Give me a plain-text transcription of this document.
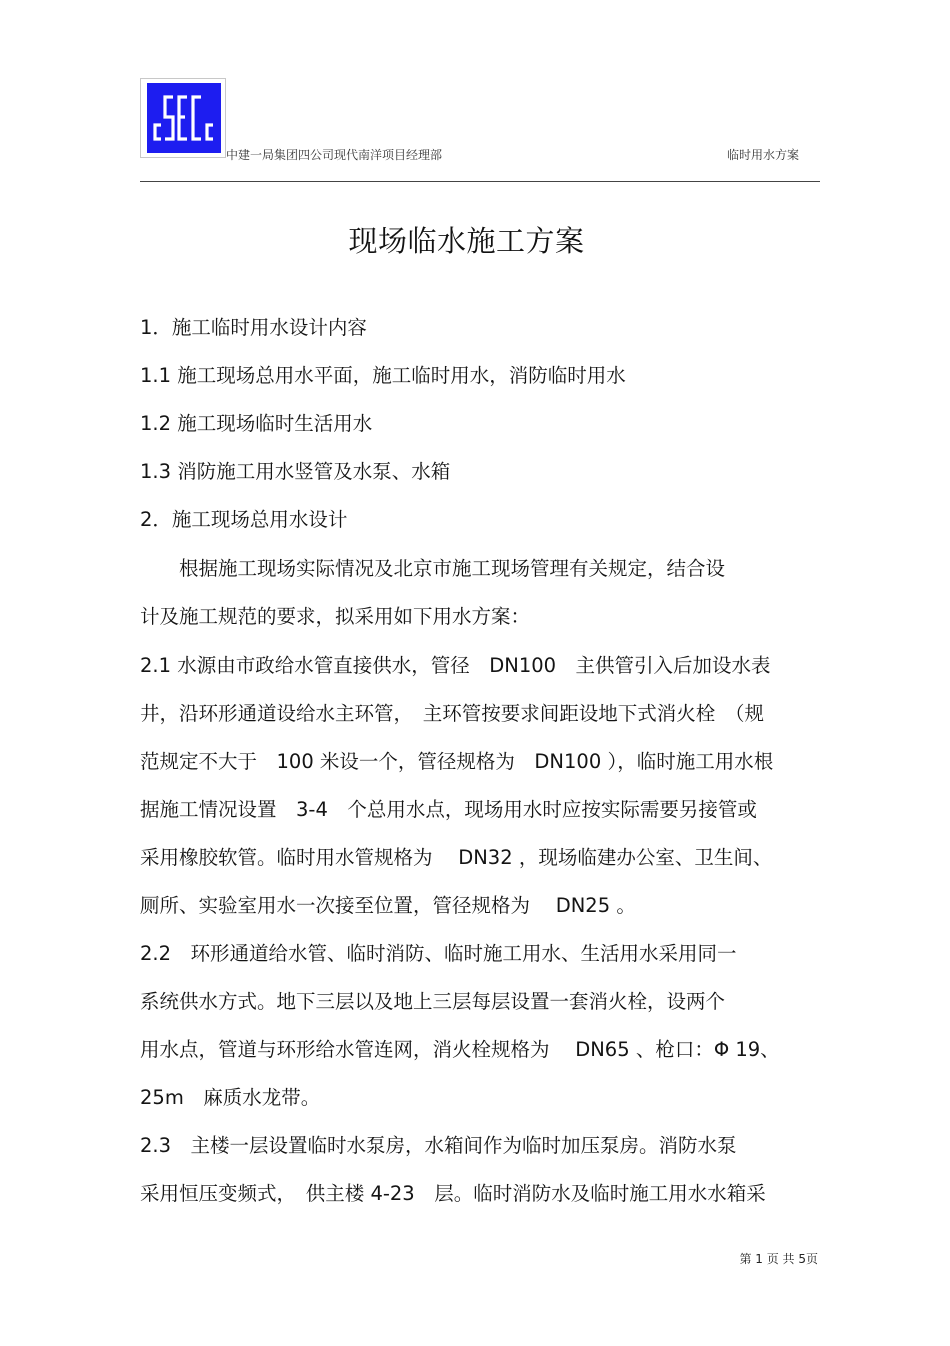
中建一局集团四公司现代南洋项目经理部	临时用水方案
现场临水施工方案
1．施工临时用水设计内容
1.1 施工现场总用水平面，施工临时用水，消防临时用水
1.2 施工现场临时生活用水
1.3 消防施工用水竖管及水泵、水箱
2．施工现场总用水设计
　　根据施工现场实际情况及北京市施工现场管理有关规定，结合设
计及施工规范的要求，拟采用如下用水方案：
2.1 水源由市政给水管直接供水，管径　DN100　主供管引入后加设水表
井，沿环形通道设给水主环管，　主环管按要求间距设地下式消火栓　（规
范规定不大于　100 米设一个，管径规格为　DN100 ），临时施工用水根
据施工情况设置　3-4　个总用水点，现场用水时应按实际需要另接管或
采用橡胶软管。临时用水管规格为　 DN32 ，现场临建办公室、卫生间、
厕所、实验室用水一次接至位置，管径规格为　 DN25 。
2.2　环形通道给水管、临时消防、临时施工用水、生活用水采用同一
系统供水方式。地下三层以及地上三层每层设置一套消火栓，设两个
用水点，管道与环形给水管连网，消火栓规格为　 DN65 、枪口：Φ 19、
25m　麻质水龙带。
2.3　主楼一层设置临时水泵房，水箱间作为临时加压泵房。消防水泵
采用恒压变频式，　供主楼 4-23　层。临时消防水及临时施工用水水箱采
第 1 页 共 5页
